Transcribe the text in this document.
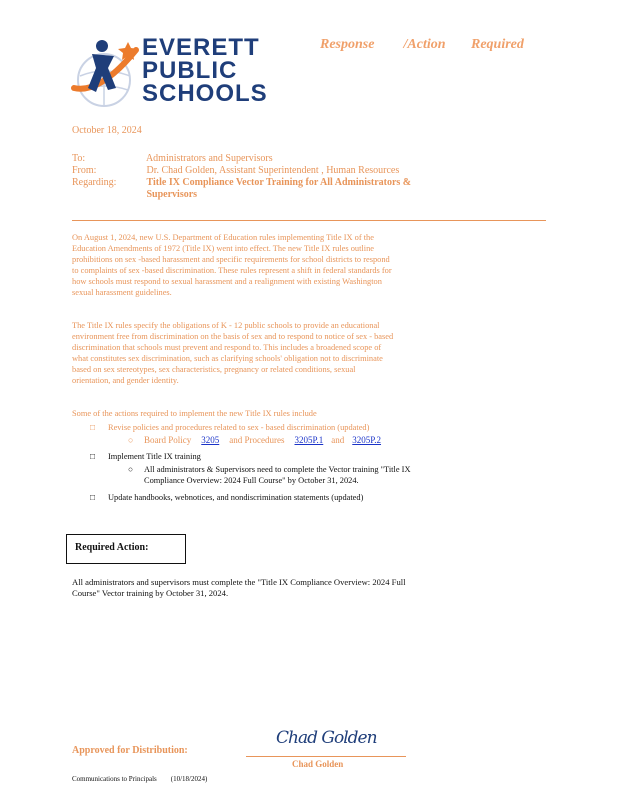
EVERETT
PUBLIC
SCHOOLS
Response /Action Required
October 18, 2024
To:	Administrators and Supervisors
From:	Dr. Chad Golden, Assistant Superintendent , Human Resources
Regarding:	Title IX Compliance Vector Training for All Administrators &
Supervisors
On August 1, 2024, new U.S. Department of Education rules implementing Title IX of the
Education Amendments of 1972 (Title IX) went into effect. The new Title IX rules outline
prohibitions on sex -based harassment and specific requirements for school districts to respond
to complaints of sex -based discrimination. These rules represent a shift in federal standards for
how schools must respond to sexual harassment and a realignment with existing Washington
sexual harassment guidelines.
The Title IX rules specify the obligations of K - 12 public schools to provide an educational
environment free from discrimination on the basis of sex and to respond to notice of sex - based
discrimination that schools must prevent and respond to. This includes a broadened scope of
what constitutes sex discrimination, such as clarifying schools' obligation not to discriminate
based on sex stereotypes, sex characteristics, pregnancy or related conditions, sexual
orientation, and gender identity.
Some of the actions required to implement the new Title IX rules include
□ Revise policies and procedures related to sex - based discrimination (updated)
○ Board Policy 3205 and Procedures 3205P.1 and 3205P.2
□ Implement Title IX training
○ All administrators & Supervisors need to complete the Vector training "Title IX
Compliance Overview: 2024 Full Course" by October 31, 2024.
□ Update handbooks, webnotices, and nondiscrimination statements (updated)
Required Action:
All administrators and supervisors must complete the "Title IX Compliance Overview: 2024 Full
Course" Vector training by October 31, 2024.
Approved for Distribution:
Chad Golden
Chad Golden
Communications to Principals (10/18/2024)
